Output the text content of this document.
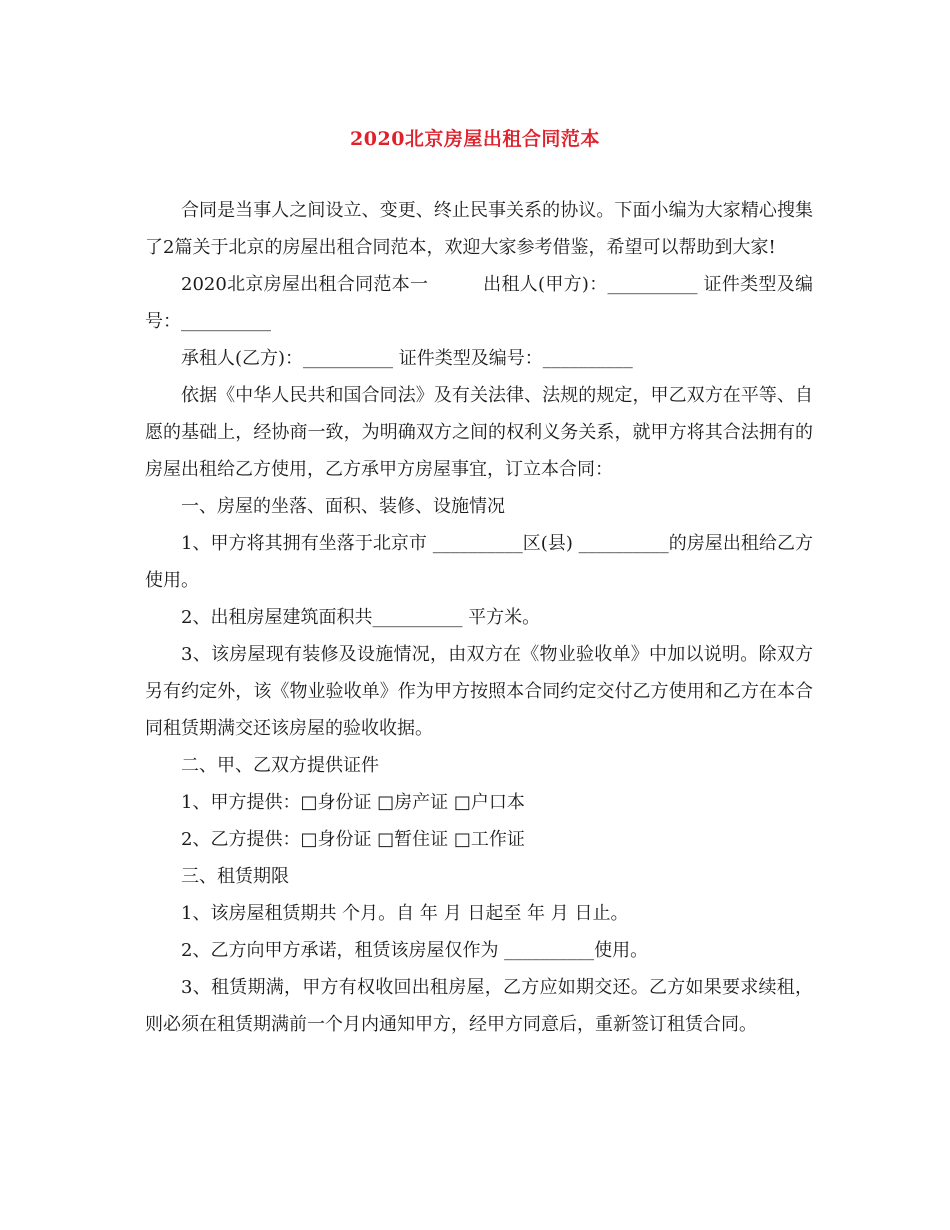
2020北京房屋出租合同范本

合同是当事人之间设立、变更、终止民事关系的协议。下面小编为大家精心搜集了2篇关于北京的房屋出租合同范本，欢迎大家参考借鉴，希望可以帮助到大家!

2020北京房屋出租合同范本一　　　出租人(甲方)：__________ 证件类型及编号：__________

承租人(乙方)：__________ 证件类型及编号：__________

依据《中华人民共和国合同法》及有关法律、法规的规定，甲乙双方在平等、自愿的基础上，经协商一致，为明确双方之间的权利义务关系，就甲方将其合法拥有的房屋出租给乙方使用，乙方承甲方房屋事宜，订立本合同：

一、房屋的坐落、面积、装修、设施情况

1、甲方将其拥有坐落于北京市 __________区(县) __________的房屋出租给乙方使用。

2、出租房屋建筑面积共__________ 平方米。

3、该房屋现有装修及设施情况，由双方在《物业验收单》中加以说明。除双方另有约定外，该《物业验收单》作为甲方按照本合同约定交付乙方使用和乙方在本合同租赁期满交还该房屋的验收收据。

二、甲、乙双方提供证件

1、甲方提供：□身份证 □房产证 □户口本

2、乙方提供：□身份证 □暂住证 □工作证

三、租赁期限

1、该房屋租赁期共 个月。自 年 月 日起至 年 月 日止。

2、乙方向甲方承诺，租赁该房屋仅作为 __________使用。

3、租赁期满，甲方有权收回出租房屋，乙方应如期交还。乙方如果要求续租，则必须在租赁期满前一个月内通知甲方，经甲方同意后，重新签订租赁合同。
